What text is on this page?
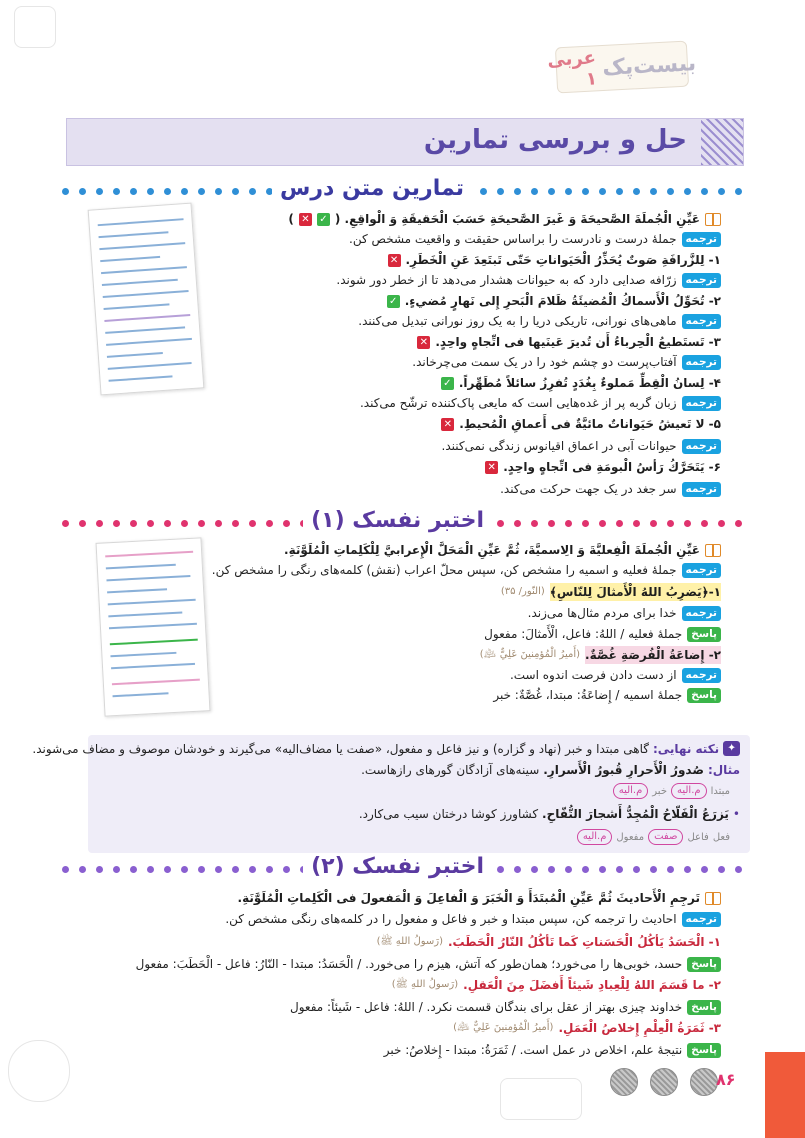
بیست‌پک
عربی ۱
حل و بررسی تمارین
تمارین متن درس
عَيِّنِ الْجُملَةَ الصَّحيحَةَ وَ غَيرَ الصَّحيحَةِ حَسَبَ الْحَقيقَةِ وَ الْواقِعِ. (
✓
✕
)
ترجمه
جملهٔ درست و نادرست را براساس حقیقت و واقعیت مشخص کن.
۱- لِلزَّرافَةِ صَوتٌ يُحَذِّرُ الْحَيَواناتِ حَتّى تَبتَعِدَ عَنِ الْخَطَرِ.
✕
ترجمه
زرّافه صدایی دارد که به حیوانات هشدار می‌دهد تا از خطر دور شوند.
۲- تُحَوِّلُ الْأَسماكُ الْمُضيئَةُ ظَلامَ الْبَحرِ إِلى نَهارٍ مُضيءٍ.
✓
ترجمه
ماهی‌های نورانی، تاریکی دریا را به یک روز نورانی تبدیل می‌کنند.
۳- تَستَطيعُ الْحِرباءُ أَن تُديرَ عَينَيها فی اتِّجاهٍ واحِدٍ.
✕
ترجمه
آفتاب‌پرست دو چشم خود را در یک سمت می‌چرخاند.
۴- لِسانُ الْقِطِّ مَملوءٌ بِغُدَدٍ تُفرِزُ سائلاً مُطَهِّراً.
✓
ترجمه
زبان گربه پر از غده‌هایی است که مایعی پاک‌کننده ترشّح می‌کند.
۵- لا تَعيشُ حَيَواناتٌ مائيَّةٌ فی أَعماقِ الْمُحيطِ.
✕
ترجمه
حیوانات آبی در اعماق اقیانوس زندگی نمی‌کنند.
۶- يَتَحَرَّكُ رَأسُ الْبومَةِ فی اتِّجاهٍ واحِدٍ.
✕
ترجمه
سر جغد در یک جهت حرکت می‌کند.
اختبر نفسک (۱)
عَيِّنِ الْجُملَةَ الْفِعليَّةَ وَ الِاسميَّةَ، ثُمَّ عَيِّنِ الْمَحَلَّ الْإِعرابيَّ لِلْكَلِماتِ الْمُلَوَّنَةِ.
ترجمه
جملهٔ فعلیه و اسمیه را مشخص کن، سپس محلّ اعراب (نقش) کلمه‌های رنگی را مشخص کن.
۱-﴿يَضرِبُ اللهُ الْأَمثالَ لِلنّاسِ﴾
(النّور/ ۳۵)
ترجمه
خدا برای مردم مثال‌ها می‌زند.
پاسخ
جملهٔ فعلیه / اللهُ: فاعل، الْأَمثالَ: مفعول
۲- إِضاعَةُ الْفُرصَةِ غُصَّةٌ.
(أَميرُ الْمُؤمِنينَ عَلِيٌّ ﵇)
ترجمه
از دست دادن فرصت اندوه است.
پاسخ
جملهٔ اسمیه / إِضاعَةُ: مبتدا، غُصَّةٌ: خبر
✦
نکته نهایی:
گاهی مبتدا و خبر (نهاد و گزاره) و نیز فاعل و مفعول، «صفت یا مضاف‌الیه» می‌گیرند و خودشان موصوف و مضاف می‌شوند.
مثال:
صُدورُ الْأَحرارِ قُبورُ الْأَسرارِ.
سینه‌های آزادگان گورهای رازهاست.
مبتدا
م.الیه
خبر
م.الیه
•
يَزرَعُ الْفَلّاحُ الْمُجِدُّ أَشجارَ التُّفّاحِ.
کشاورز کوشا درختان سیب می‌کارد.
فعل
فاعل
صفت
مفعول
م.الیه
اختبر نفسک (۲)
تَرجِمِ الْأَحاديثَ ثُمَّ عَيِّنِ الْمُبتَدَأَ وَ الْخَبَرَ وَ الْفاعِلَ وَ الْمَفعولَ فی الْكَلِماتِ الْمُلَوَّنَةِ.
ترجمه
احادیث را ترجمه کن، سپس مبتدا و خبر و فاعل و مفعول را در کلمه‌های رنگی مشخص کن.
۱- الْحَسَدُ يَأكُلُ الْحَسَناتِ كَما تَأكُلُ النّارُ الْحَطَبَ.
(رَسولُ اللهِ ﷺ)
پاسخ
حسد، خوبی‌ها را می‌خورد؛ همان‌طور که آتش، هیزم را می‌خورد. / الْحَسَدُ: مبتدا - النّارُ: فاعل - الْحَطَبَ: مفعول
۲- ما قَسَمَ اللهُ لِلْعِبادِ شَيئاً أَفضَلَ مِنَ الْعَقلِ.
(رَسولُ اللهِ ﷺ)
پاسخ
خداوند چیزی بهتر از عقل برای بندگان قسمت نکرد. / اللهُ: فاعل - شَيئاً: مفعول
۳- ثَمَرَةُ الْعِلْمِ إِخلاصُ الْعَمَلِ.
(أَميرُ الْمُؤمِنينَ عَلِيٌّ ﵇)
پاسخ
نتیجهٔ علم، اخلاص در عمل است. / ثَمَرَةُ: مبتدا - إِخلاصُ: خبر
۸۶
